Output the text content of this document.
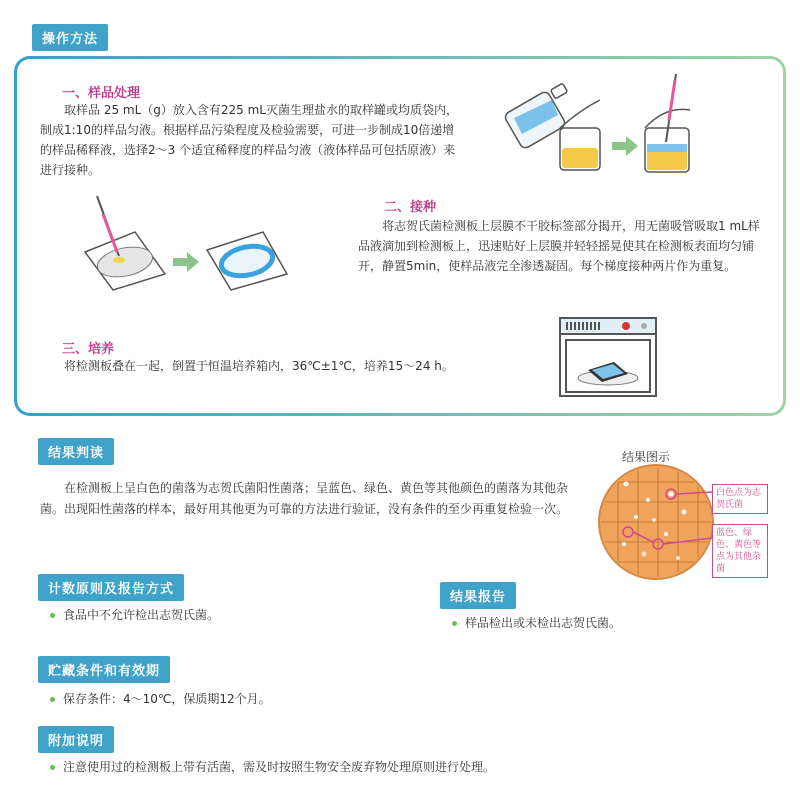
操作方法
一、样品处理

取样品 25 mL（g）放入含有225 mL灭菌生理盐水的取样罐或均质袋内，制成1:10的样品匀液。根据样品污染程度及检验需要，可进一步制成10倍递增的样品稀释液，选择2～3 个适宜稀释度的样品匀液（液体样品可包括原液）来进行接种。

二、接种

将志贺氏菌检测板上层膜不干胶标签部分揭开，用无菌吸管吸取1 mL样品液滴加到检测板上，迅速贴好上层膜并轻轻摇晃使其在检测板表面均匀铺开，静置5min，使样品液完全渗透凝固。每个梯度接种两片作为重复。

三、培养

将检测板叠在一起，倒置于恒温培养箱内，36℃±1℃，培养15～24 h。

结果判读

在检测板上呈白色的菌落为志贺氏菌阳性菌落；呈蓝色、绿色、黄色等其他颜色的菌落为其他杂菌。出现阳性菌落的样本，最好用其他更为可靠的方法进行验证，没有条件的至少再重复检验一次。

结果图示
白色点为志贺氏菌
蓝色、绿色、黄色等点为其他杂菌
计数原则及报告方式
食品中不允许检出志贺氏菌。
结果报告
样品检出或未检出志贺氏菌。
贮藏条件和有效期
保存条件：4～10℃，保质期12个月。
附加说明
注意使用过的检测板上带有活菌，需及时按照生物安全废弃物处理原则进行处理。
